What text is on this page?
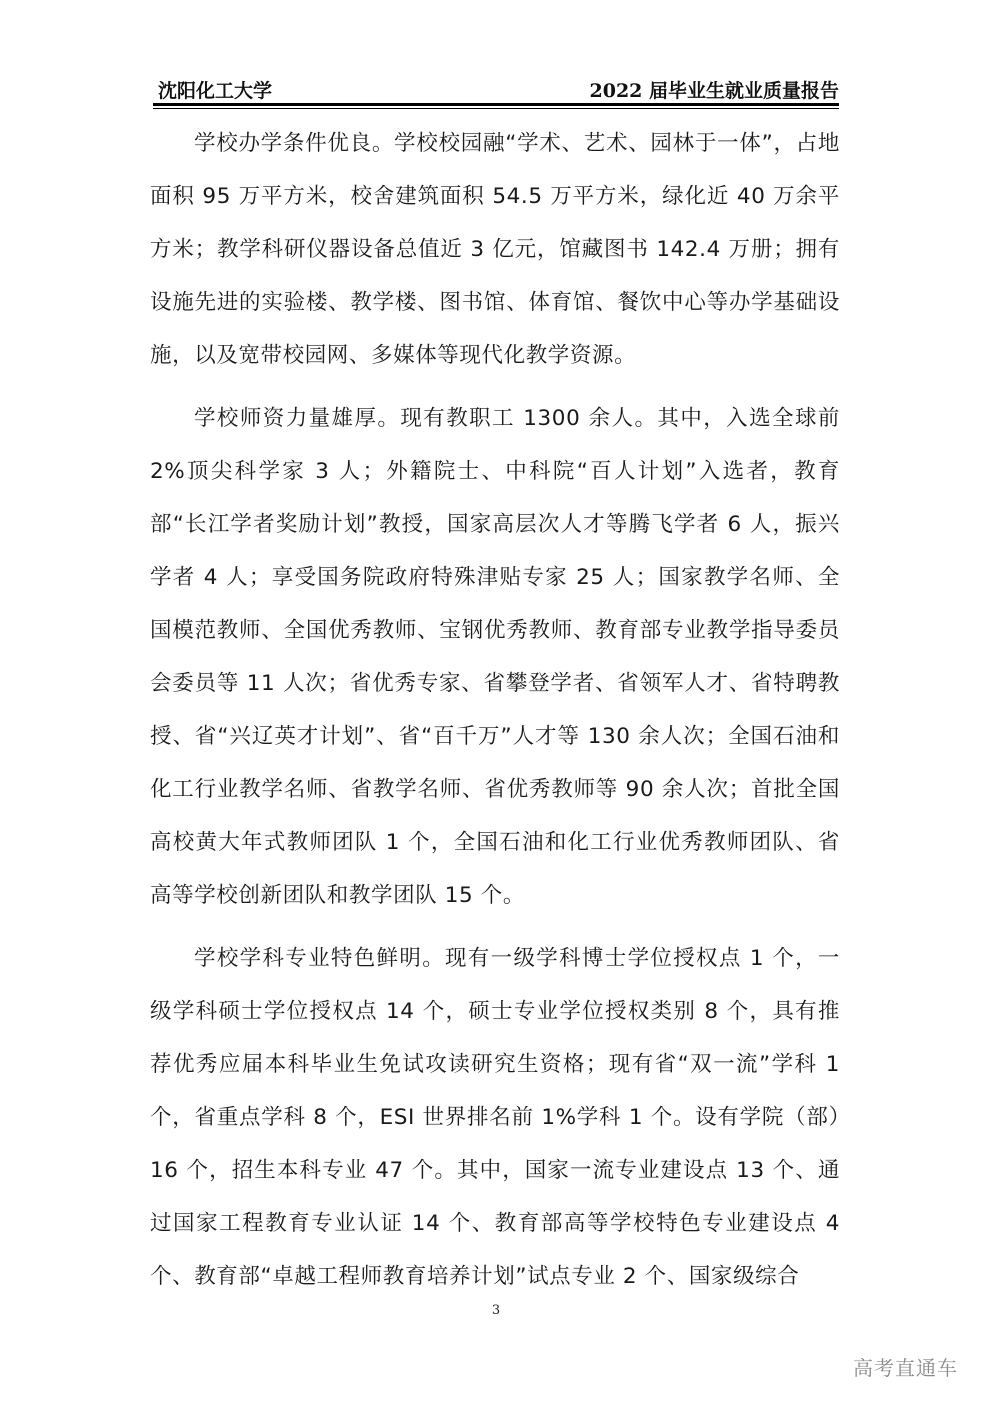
沈阳化工大学	2022 届毕业生就业质量报告

学校办学条件优良。学校校园融“学术、艺术、园林于一体”，占地面积 95 万平方米，校舍建筑面积 54.5 万平方米，绿化近 40 万余平方米；教学科研仪器设备总值近 3 亿元，馆藏图书 142.4 万册；拥有设施先进的实验楼、教学楼、图书馆、体育馆、餐饮中心等办学基础设施，以及宽带校园网、多媒体等现代化教学资源。

学校师资力量雄厚。现有教职工 1300 余人。其中，入选全球前 2%顶尖科学家 3 人；外籍院士、中科院“百人计划”入选者，教育部“长江学者奖励计划”教授，国家高层次人才等腾飞学者 6 人，振兴学者 4 人；享受国务院政府特殊津贴专家 25 人；国家教学名师、全国模范教师、全国优秀教师、宝钢优秀教师、教育部专业教学指导委员会委员等 11 人次；省优秀专家、省攀登学者、省领军人才、省特聘教授、省“兴辽英才计划”、省“百千万”人才等 130 余人次；全国石油和化工行业教学名师、省教学名师、省优秀教师等 90 余人次；首批全国高校黄大年式教师团队 1 个，全国石油和化工行业优秀教师团队、省高等学校创新团队和教学团队 15 个。

学校学科专业特色鲜明。现有一级学科博士学位授权点 1 个，一级学科硕士学位授权点 14 个，硕士专业学位授权类别 8 个，具有推荐优秀应届本科毕业生免试攻读研究生资格；现有省“双一流”学科 1 个，省重点学科 8 个，ESI 世界排名前 1%学科 1 个。设有学院（部）16 个，招生本科专业 47 个。其中，国家一流专业建设点 13 个、通过国家工程教育专业认证 14 个、教育部高等学校特色专业建设点 4 个、教育部“卓越工程师教育培养计划”试点专业 2 个、国家级综合

3
高考直通车
